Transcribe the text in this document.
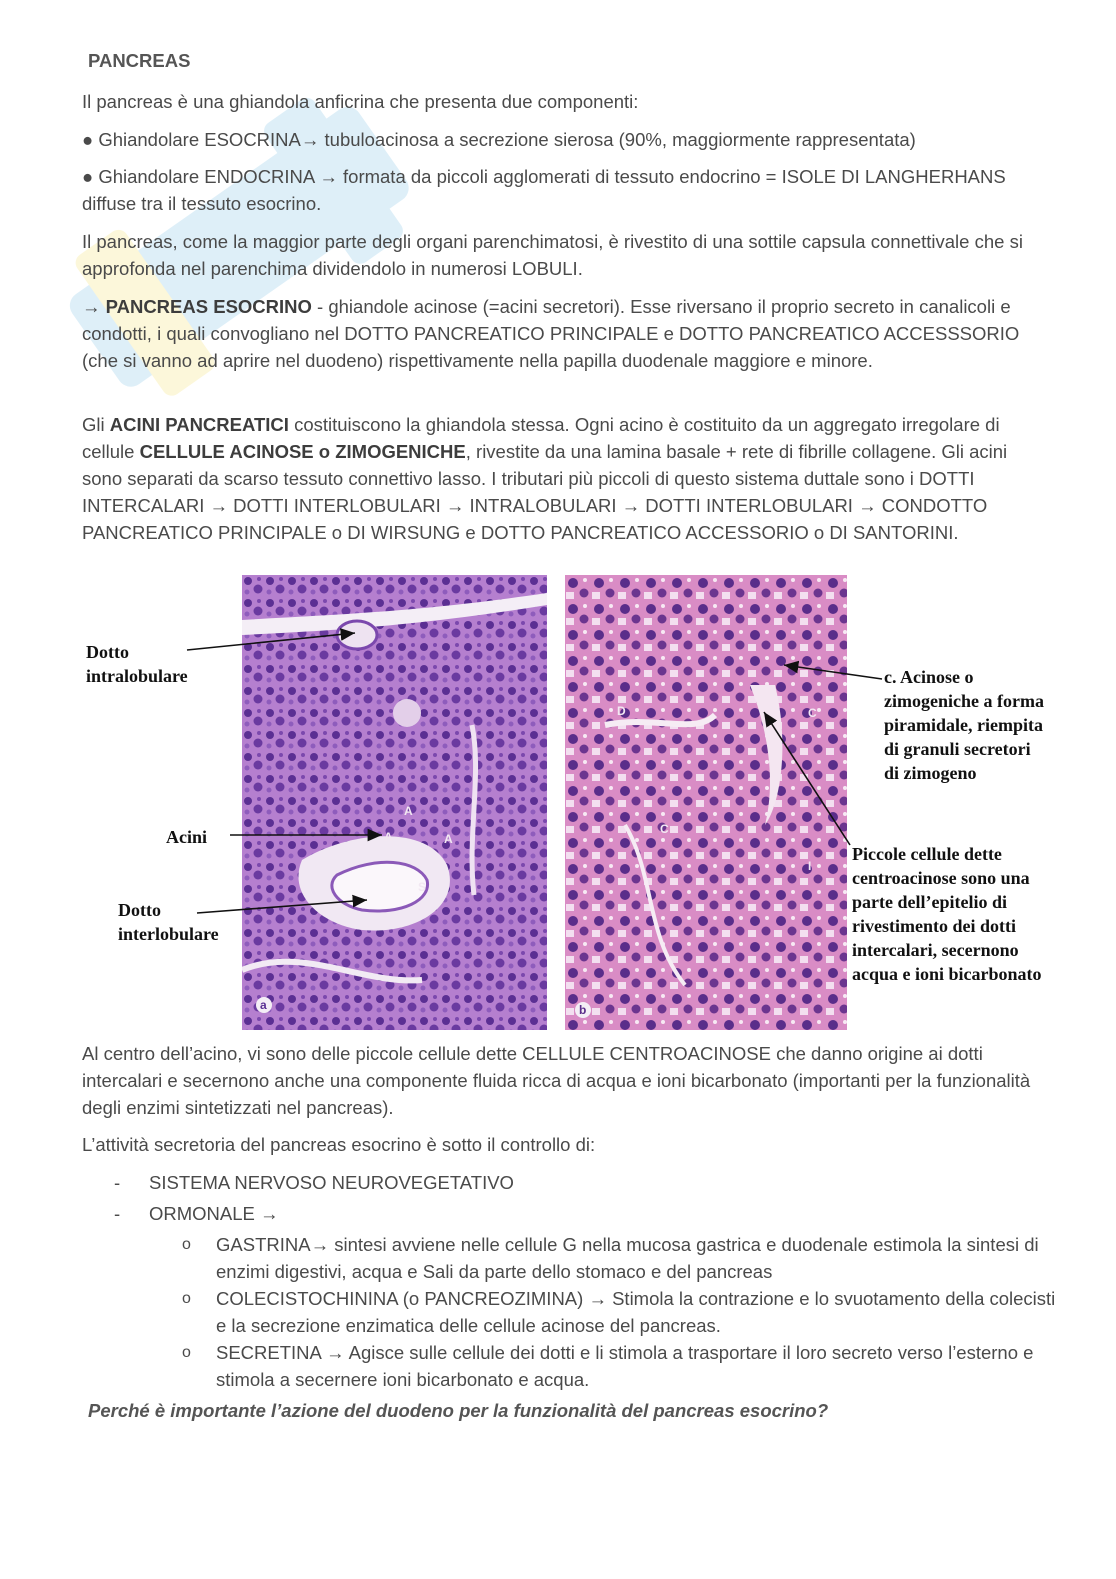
PANCREAS

Il pancreas è una ghiandola anficrina che presenta due componenti:

● Ghiandolare ESOCRINA→ tubuloacinosa a secrezione sierosa (90%, maggiormente rappresentata)

● Ghiandolare ENDOCRINA → formata da piccoli agglomerati di tessuto endocrino = ISOLE DI LANGHERHANS diffuse tra il tessuto esocrino.

Il pancreas, come la maggior parte degli organi parenchimatosi, è rivestito di una sottile capsula connettivale che si approfonda nel parenchima dividendolo in numerosi LOBULI.

→ PANCREAS ESOCRINO - ghiandole acinose (=acini secretori). Esse riversano il proprio secreto in canalicoli e condotti, i quali convogliano nel DOTTO PANCREATICO PRINCIPALE e DOTTO PANCREATICO ACCESSSORIO (che si vanno ad aprire nel duodeno) rispettivamente nella papilla duodenale maggiore e minore.

Gli ACINI PANCREATICI costituiscono la ghiandola stessa. Ogni acino è costituito da un aggregato irregolare di cellule CELLULE ACINOSE o ZIMOGENICHE, rivestite da una lamina basale + rete di fibrille collagene. Gli acini sono separati da scarso tessuto connettivo lasso. I tributari più piccoli di questo sistema duttale sono i DOTTI INTERCALARI → DOTTI INTERLOBULARI → INTRALOBULARI → DOTTI INTERLOBULARI → CONDOTTO PANCREATICO PRINCIPALE o DI WIRSUNG e DOTTO PANCREATICO ACCESSORIO o DI SANTORINI.

A
A	A
S
a
D	C
C
I
b
Dotto intralobulare
Acini
Dotto interlobulare
c. Acinose o zimogeniche a forma piramidale, riempita di granuli secretori di zimogeno
Piccole cellule dette centroacinose sono una parte dell’epitelio di rivestimento dei dotti intercalari, secernono acqua e ioni bicarbonato

Al centro dell’acino, vi sono delle piccole cellule dette CELLULE CENTROACINOSE che danno origine ai dotti intercalari e secernono anche una componente fluida ricca di acqua e ioni bicarbonato (importanti per la funzionalità degli enzimi sintetizzati nel pancreas).

L’attività secretoria del pancreas esocrino è sotto il controllo di:

- SISTEMA NERVOSO NEUROVEGETATIVO
- ORMONALE →
o GASTRINA→ sintesi avviene nelle cellule G nella mucosa gastrica e duodenale estimola la sintesi di enzimi digestivi, acqua e Sali da parte dello stomaco e del pancreas
o COLECISTOCHININA (o PANCREOZIMINA) → Stimola la contrazione e lo svuotamento della colecisti e la secrezione enzimatica delle cellule acinose del pancreas.
o SECRETINA → Agisce sulle cellule dei dotti e li stimola a trasportare il loro secreto verso l’esterno e stimola a secernere ioni bicarbonato e acqua.
Perché è importante l’azione del duodeno per la funzionalità del pancreas esocrino?
